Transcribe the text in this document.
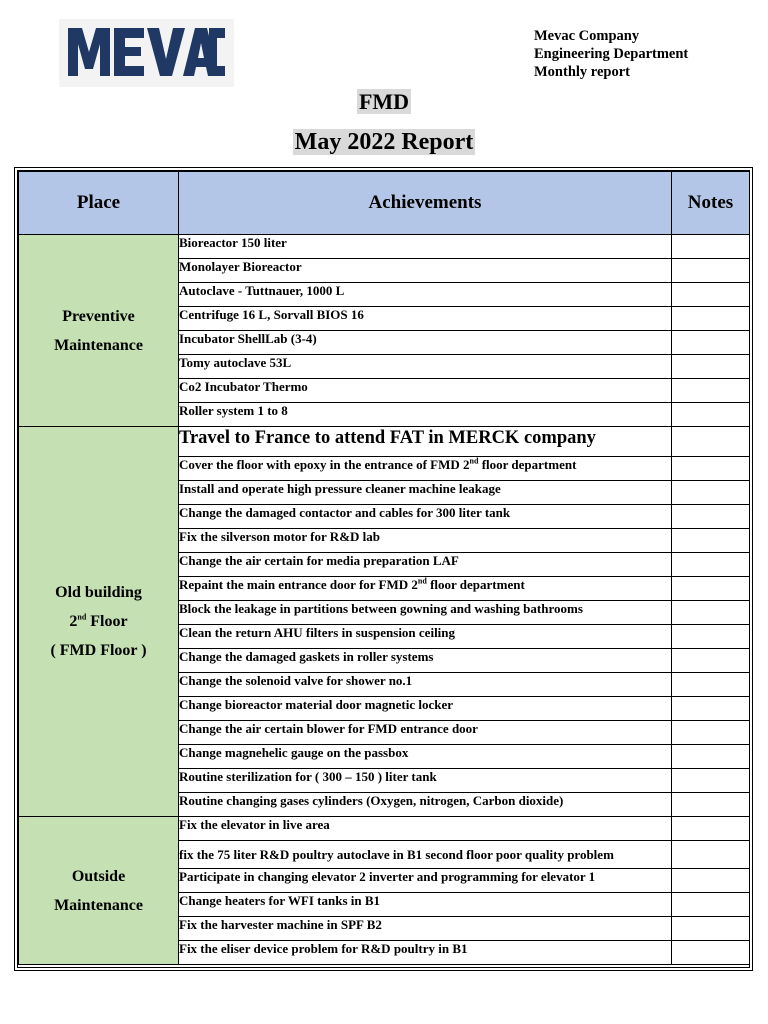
Mevac Company
Engineering Department
Monthly report
FMD
May 2022 Report
Place	Achievements	Notes

Preventive
Maintenance	Bioreactor 150 liter	
	Monolayer Bioreactor	
	Autoclave - Tuttnauer, 1000 L	
	Centrifuge 16 L, Sorvall BIOS 16	
	Incubator ShellLab (3-4)	
	Tomy autoclave 53L	
	Co2 Incubator Thermo	
	Roller system 1 to 8	

Old building
2nd Floor
( FMD Floor )	Travel to France to attend FAT in MERCK company	
	Cover the floor with epoxy in the entrance of FMD 2nd floor department	
	Install and operate high pressure cleaner machine leakage	
	Change the damaged contactor and cables for 300 liter tank	
	Fix the silverson motor for R&D lab	
	Change the air certain for media preparation LAF	
	Repaint the main entrance door for FMD 2nd floor department	
	Block the leakage in partitions between gowning and washing bathrooms	
	Clean the return AHU filters in suspension ceiling	
	Change the damaged gaskets in roller systems	
	Change the solenoid valve for shower no.1	
	Change bioreactor material door magnetic locker	
	Change the air certain blower for FMD entrance door	
	Change magnehelic gauge on the passbox	
	Routine sterilization for ( 300 – 150 ) liter tank	
	Routine changing gases cylinders (Oxygen, nitrogen, Carbon dioxide)	

Outside
Maintenance	Fix the elevator in live area	
	fix the 75 liter R&D poultry autoclave in B1 second floor poor quality problem	
	Participate in changing elevator 2 inverter and programming for elevator 1	
	Change heaters for WFI tanks in B1	
	Fix the harvester machine in SPF B2	
	Fix the eliser device problem for R&D poultry in B1	
